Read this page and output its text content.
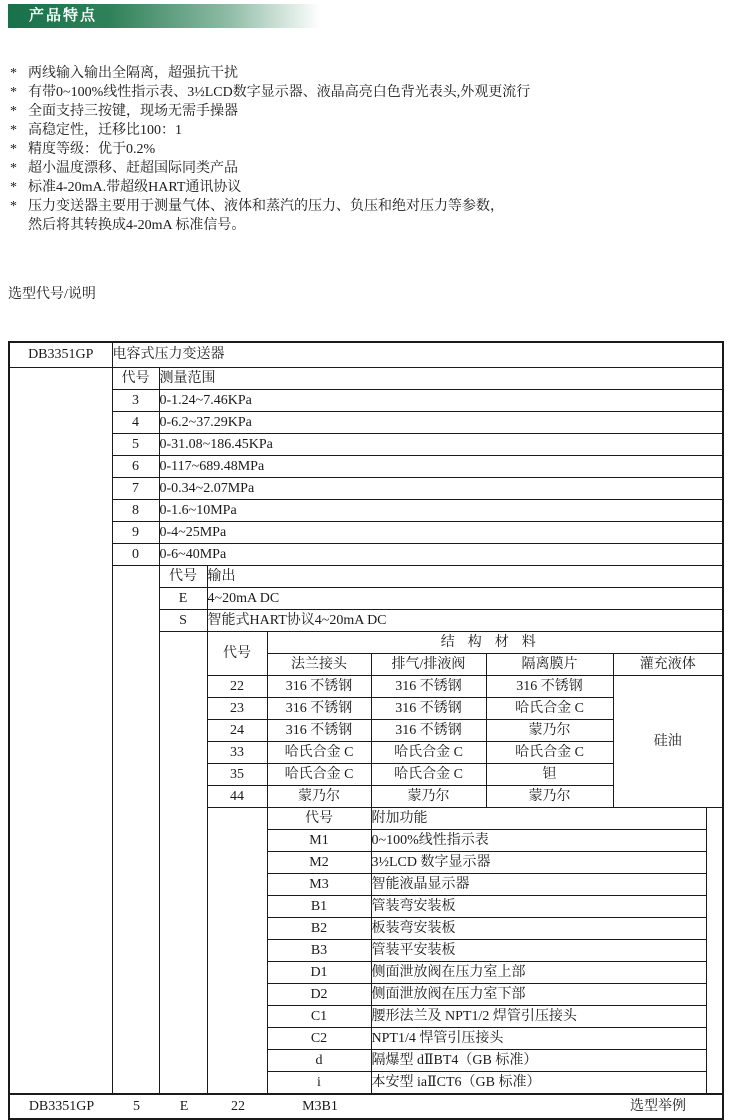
产品特点
* 两线输入输出全隔离，超强抗干扰
* 有带0~100%线性指示表、3½LCD数字显示器、液晶高亮白色背光表头,外观更流行
* 全面支持三按键，现场无需手操器
* 高稳定性，迁移比100：1
* 精度等级：优于0.2%
* 超小温度漂移、赶超国际同类产品
* 标准4-20mA.带超级HART通讯协议
* 压力变送器主要用于测量气体、液体和蒸汽的压力、负压和绝对压力等参数，
然后将其转换成4-20mA 标准信号。
选型代号/说明
DB3351GP	电容式压力变送器							
	代号	测量范围						
	3	0-1.24~7.46KPa						
	4	0-6.2~37.29KPa						
	5	0-31.08~186.45KPa						
	6	0-117~689.48MPa						
	7	0-0.34~2.07MPa						
	8	0-1.6~10MPa						
	9	0-4~25MPa						
	0	0-6~40MPa						
		代号	输出					
		E	4~20mA DC					
		S	智能式HART协议4~20mA DC					
			代号	结构材料				
				法兰接头	排气/排液阀	隔离膜片	灌充液体	
			22	316 不锈钢	316 不锈钢	316 不锈钢	硅油	
			23	316 不锈钢	316 不锈钢	哈氏合金 C		
			24	316 不锈钢	316 不锈钢	蒙乃尔		
			33	哈氏合金 C	哈氏合金 C	哈氏合金 C		
			35	哈氏合金 C	哈氏合金 C	钽		
			44	蒙乃尔	蒙乃尔	蒙乃尔		
				代号	附加功能			
				M1	0~100%线性指示表			
				M2	3½LCD 数字显示器			
				M3	智能液晶显示器			
				B1	管装弯安装板			
				B2	板装弯安装板			
				B3	管装平安装板			
				D1	侧面泄放阀在压力室上部			
				D2	侧面泄放阀在压力室下部			
				C1	腰形法兰及 NPT1/2 焊管引压接头			
				C2	NPT1/4 悍管引压接头			
				d	隔爆型 dⅡBT4（GB 标准）			
				i	本安型 iaⅡCT6（GB 标准）			

DB3351GP	5	E	22	M3B1	选型举例
